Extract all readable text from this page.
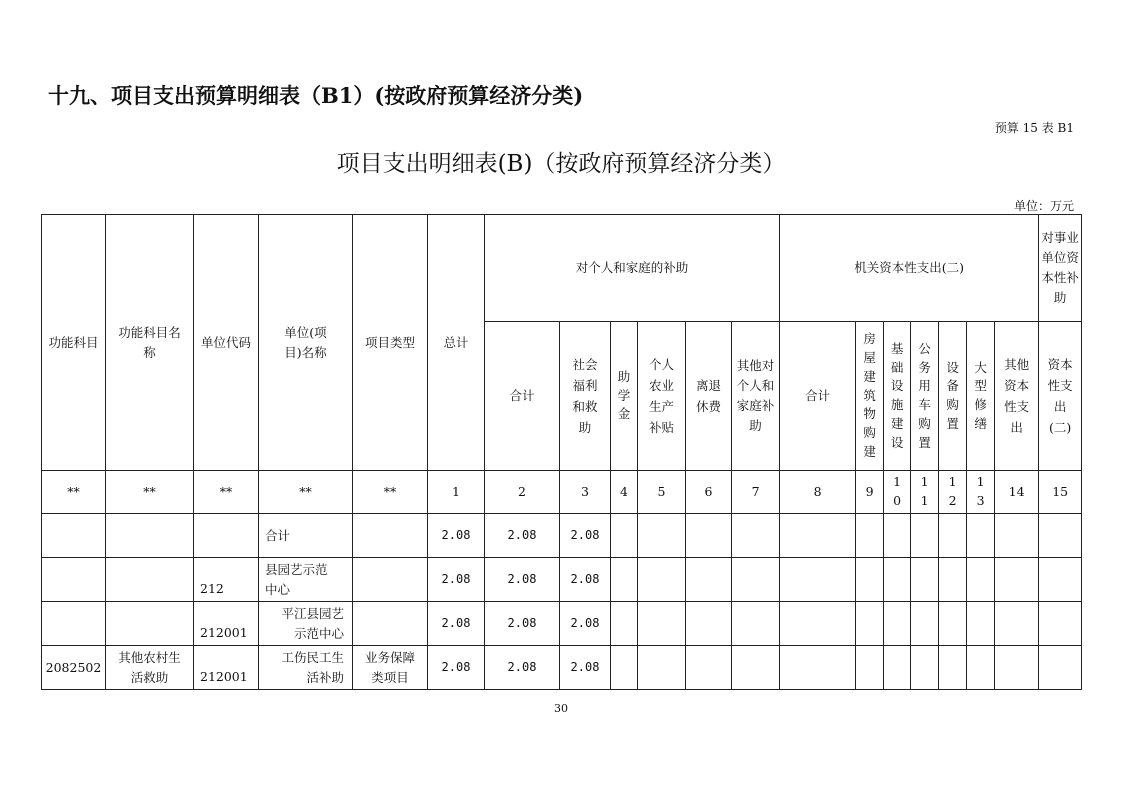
十九、项目支出预算明细表（B1）(按政府预算经济分类)
预算 15 表 B1
项目支出明细表(B)（按政府预算经济分类）
单位：万元
功能科目	功能科目名称	单位代码	单位(项目)名称	项目类型	总计	对个人和家庭的补助						机关资本性支出(二)							对事业单位资本性补助

						合计	社会福利和救助	助学金	个人农业生产补贴	离退休费	其他对个人和家庭补助	合计	房屋建筑物购建	基础设施建设	公务用车购置	设备购置	大型修缮	其他资本性支出	资本性支出(二)

**	**	**	**	**	1	2	3	4	5	6	7	8	9	10	11	12	13	14	15
			合计		2.08	2.08	2.08												
		212	县园艺示范中心		2.08	2.08	2.08												
		212001	平江县园艺示范中心		2.08	2.08	2.08												
2082502	其他农村生活救助	212001	工伤民工生活补助	业务保障类项目	2.08	2.08	2.08												
30
